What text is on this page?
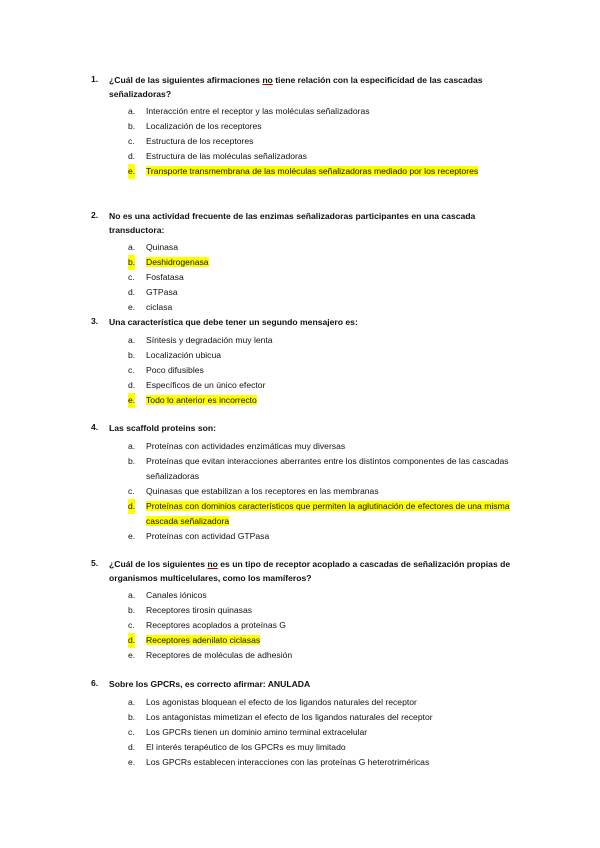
1. ¿Cuál de las siguientes afirmaciones no tiene relación con la especificidad de las cascadas señalizadoras?
a. Interacción entre el receptor y las moléculas señalizadoras
b. Localización de los receptores
c. Estructura de los receptores
d. Estructura de las moléculas señalizadoras
e. Transporte transmembrana de las moléculas señalizadoras mediado por los receptores
2. No es una actividad frecuente de las enzimas señalizadoras participantes en una cascada transductora:
a. Quinasa
b. Deshidrogenasa
c. Fosfatasa
d. GTPasa
e. ciclasa
3. Una característica que debe tener un segundo mensajero es:
a. Síntesis y degradación muy lenta
b. Localización ubicua
c. Poco difusibles
d. Específicos de un único efector
e. Todo lo anterior es incorrecto
4. Las scaffold proteins son:
a. Proteínas con actividades enzimáticas muy diversas
b. Proteínas que evitan interacciones aberrantes entre los distintos componentes de las cascadas señalizadoras
c. Quinasas que estabilizan a los receptores en las membranas
d. Proteínas con dominios característicos que permiten la aglutinación de efectores de una misma cascada señalizadora
e. Proteínas con actividad GTPasa
5. ¿Cuál de los siguientes no es un tipo de receptor acoplado a cascadas de señalización propias de organismos multicelulares, como los mamíferos?
a. Canales iónicos
b. Receptores tirosin quinasas
c. Receptores acoplados a proteínas G
d. Receptores adenilato ciclasas
e. Receptores de moléculas de adhesión
6. Sobre los GPCRs, es correcto afirmar: ANULADA
a. Los agonistas bloquean el efecto de los ligandos naturales del receptor
b. Los antagonistas mimetizan el efecto de los ligandos naturales del receptor
c. Los GPCRs tienen un dominio amino terminal extracelular
d. El interés terapéutico de los GPCRs es muy limitado
e. Los GPCRs establecen interacciones con las proteínas G heterotriméricas
